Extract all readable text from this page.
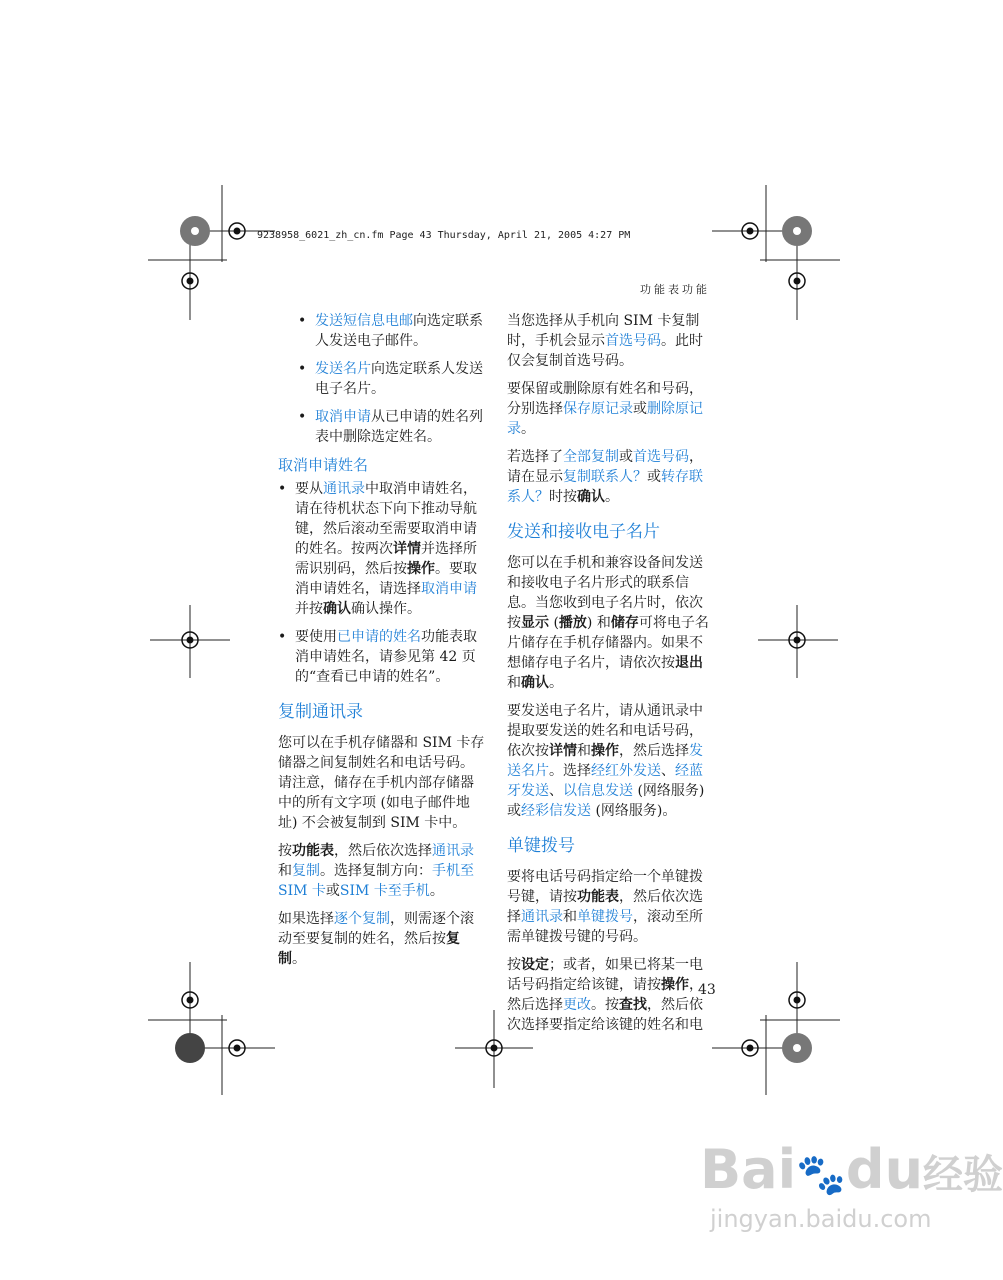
9238958_6021_zh_cn.fm Page 43 Thursday, April 21, 2005 4:27 PM
功能表功能
• 发送短信息电邮向选定联系人发送电子邮件。
• 发送名片向选定联系人发送电子名片。
• 取消申请从已申请的姓名列表中删除选定姓名。
取消申请姓名
• 要从通讯录中取消申请姓名，请在待机状态下向下推动导航键，然后滚动至需要取消申请的姓名。按两次详情并选择所需识别码，然后按操作。要取消申请姓名，请选择取消申请并按确认确认操作。
• 要使用已申请的姓名功能表取消申请姓名，请参见第 42 页的“查看已申请的姓名”。
复制通讯录

您可以在手机存储器和 SIM 卡存储器之间复制姓名和电话号码。请注意，储存在手机内部存储器中的所有文字项 (如电子邮件地址) 不会被复制到 SIM 卡中。

按功能表，然后依次选择通讯录和复制。选择复制方向：手机至 SIM 卡或SIM 卡至手机。

如果选择逐个复制，则需逐个滚动至要复制的姓名，然后按复制。

当您选择从手机向 SIM 卡复制时，手机会显示首选号码。此时仅会复制首选号码。

要保留或删除原有姓名和号码，分别选择保存原记录或删除原记录。

若选择了全部复制或首选号码，请在显示复制联系人？或转存联系人？时按确认。

发送和接收电子名片

您可以在手机和兼容设备间发送和接收电子名片形式的联系信息。当您收到电子名片时，依次按显示 (播放) 和储存可将电子名片储存在手机存储器内。如果不想储存电子名片，请依次按退出和确认。

要发送电子名片，请从通讯录中提取要发送的姓名和电话号码，依次按详情和操作，然后选择发送名片。选择经红外发送、经蓝牙发送、以信息发送 (网络服务) 或经彩信发送 (网络服务)。

单键拨号

要将电话号码指定给一个单键拨号键，请按功能表，然后依次选择通讯录和单键拨号，滚动至所需单键拨号键的号码。

按设定；或者，如果已将某一电话号码指定给该键，请按操作，然后选择更改。按查找，然后依次选择要指定给该键的姓名和电

43
Bai🐾du经验
jingyan.baidu.com
